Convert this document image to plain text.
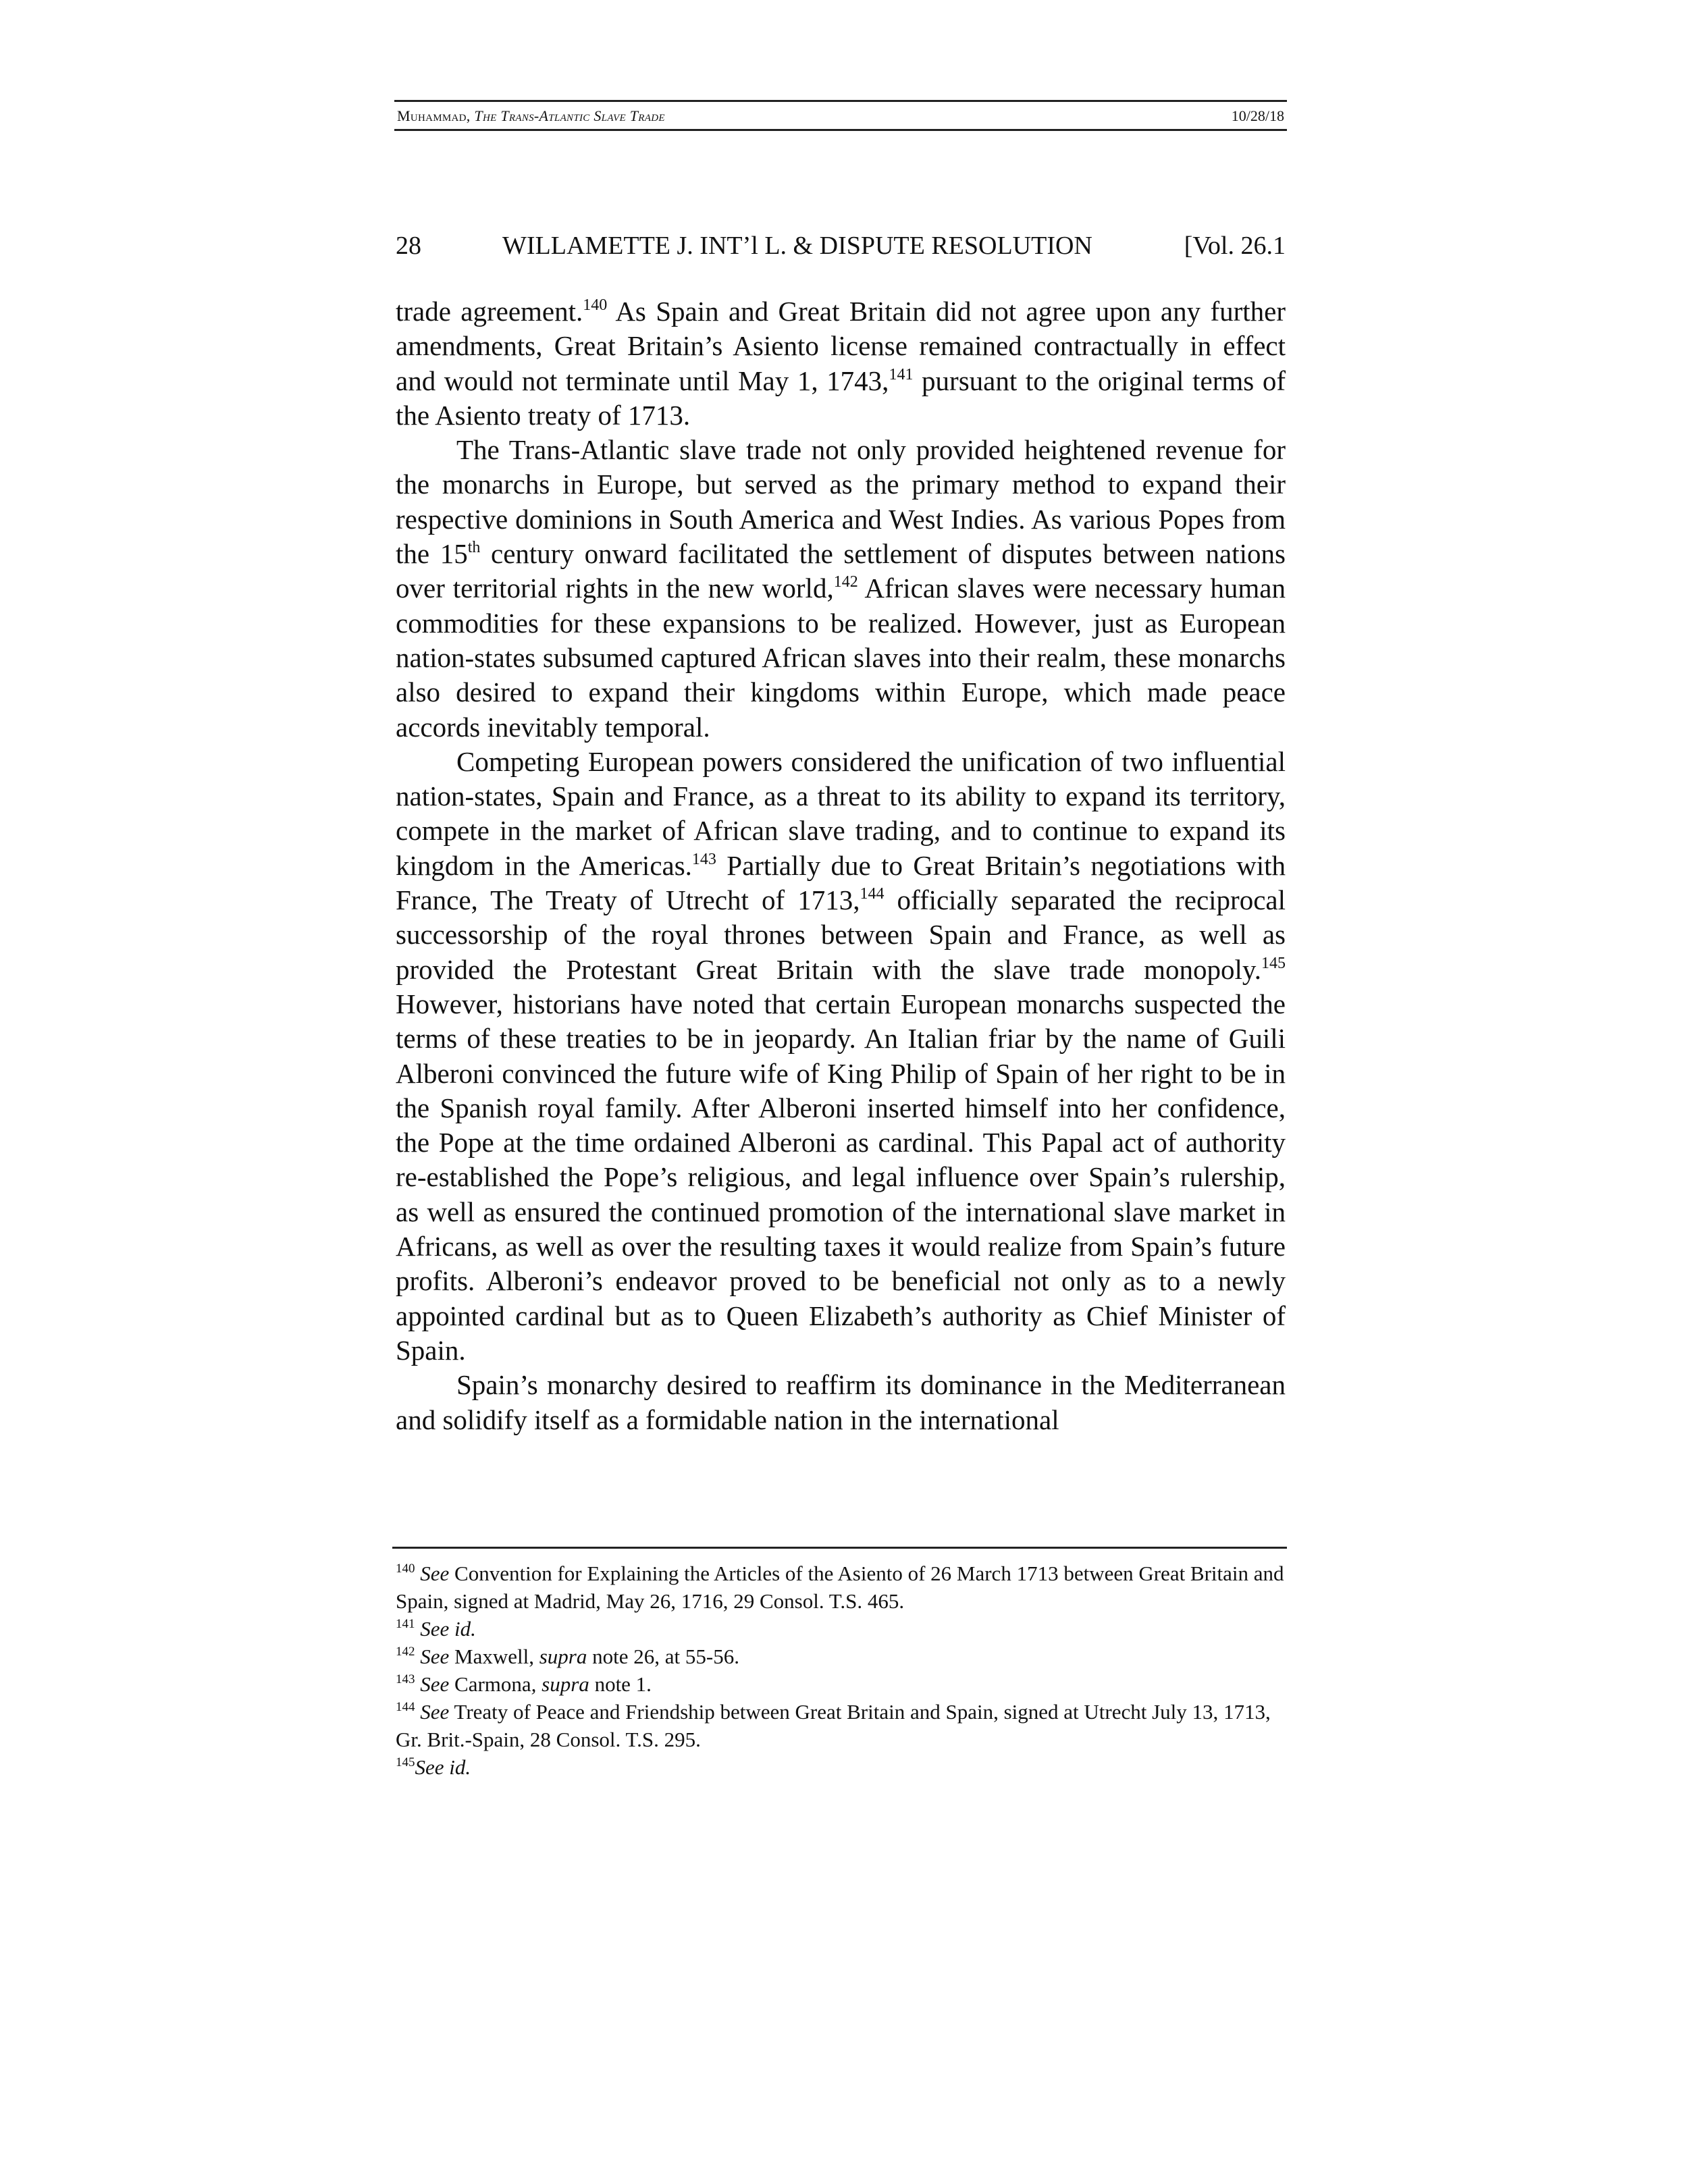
Muhammad, The Trans-Atlantic Slave Trade	10/28/18
28	WILLAMETTE J. INT’l L. & DISPUTE RESOLUTION	[Vol. 26.1

trade agreement.$^{140}$ As Spain and Great Britain did not agree upon any further amendments, Great Britain’s Asiento license remained contractually in effect and would not terminate until May 1, 1743,$^{141}$ pursuant to the original terms of the Asiento treaty of 1713.

The Trans-Atlantic slave trade not only provided heightened revenue for the monarchs in Europe, but served as the primary method to expand their respective dominions in South America and West Indies. As various Popes from the 15th century onward facilitated the settlement of disputes between nations over territorial rights in the new world,$^{142}$ African slaves were necessary human commodities for these expansions to be realized. However, just as European nation-states subsumed captured African slaves into their realm, these monarchs also desired to expand their kingdoms within Europe, which made peace accords inevitably temporal.

Competing European powers considered the unification of two influential nation-states, Spain and France, as a threat to its ability to expand its territory, compete in the market of African slave trading, and to continue to expand its kingdom in the Americas.$^{143}$ Partially due to Great Britain’s negotiations with France, The Treaty of Utrecht of 1713,$^{144}$ officially separated the reciprocal successorship of the royal thrones between Spain and France, as well as provided the Protestant Great Britain with the slave trade monopoly.$^{145}$ However, historians have noted that certain European monarchs suspected the terms of these treaties to be in jeopardy. An Italian friar by the name of Guili Alberoni convinced the future wife of King Philip of Spain of her right to be in the Spanish royal family. After Alberoni inserted himself into her confidence, the Pope at the time ordained Alberoni as cardinal. This Papal act of authority re-established the Pope’s religious, and legal influence over Spain’s rulership, as well as ensured the continued promotion of the international slave market in Africans, as well as over the resulting taxes it would realize from Spain’s future profits. Alberoni’s endeavor proved to be beneficial not only as to a newly appointed cardinal but as to Queen Elizabeth’s authority as Chief Minister of Spain.

Spain’s monarchy desired to reaffirm its dominance in the Mediterranean and solidify itself as a formidable nation in the international

$^{140}$ See Convention for Explaining the Articles of the Asiento of 26 March 1713 between Great Britain and Spain, signed at Madrid, May 26, 1716, 29 Consol. T.S. 465.

$^{141}$ See id.

$^{142}$ See Maxwell, supra note 26, at 55-56.

$^{143}$ See Carmona, supra note 1.

$^{144}$ See Treaty of Peace and Friendship between Great Britain and Spain, signed at Utrecht July 13, 1713, Gr. Brit.-Spain, 28 Consol. T.S. 295.

$^{145}$See id.
